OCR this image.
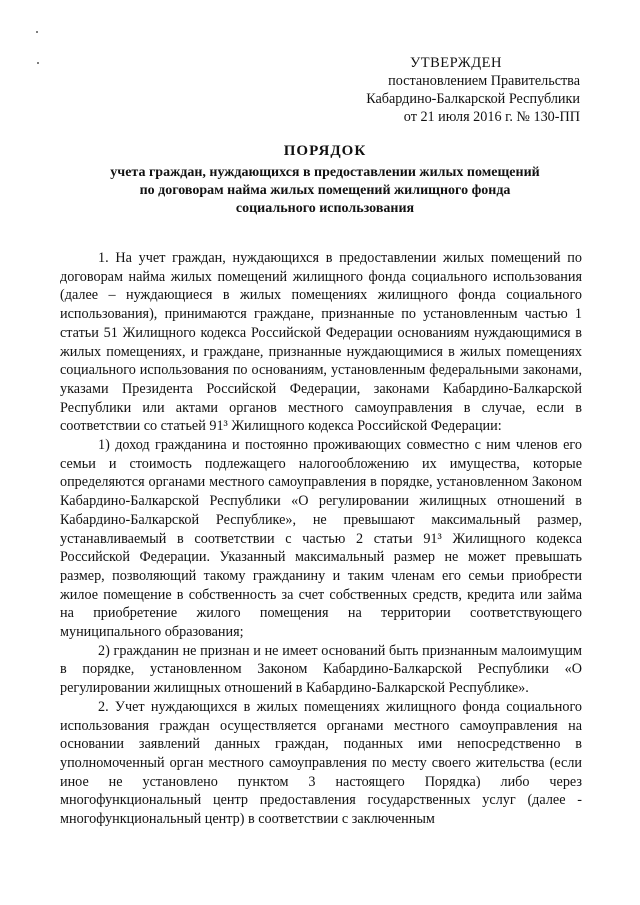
УТВЕРЖДЕН
постановлением Правительства
Кабардино-Балкарской Республики
от 21 июля 2016 г. № 130-ПП
ПОРЯДОК
учета граждан, нуждающихся в предоставлении жилых помещений
по договорам найма жилых помещений жилищного фонда
социального использования

1. На учет граждан, нуждающихся в предоставлении жилых помещений по договорам найма жилых помещений жилищного фонда социального использования (далее – нуждающиеся в жилых помещениях жилищного фонда социального использования), принимаются граждане, признанные по установленным частью 1 статьи 51 Жилищного кодекса Российской Федерации основаниям нуждающимися в жилых помещениях, и граждане, признанные нуждающимися в жилых помещениях социального использования по основаниям, установленным федеральными законами, указами Президента Российской Федерации, законами Кабардино-Балкарской Республики или актами органов местного самоуправления в случае, если в соответствии со статьей 91³ Жилищного кодекса Российской Федерации:

1) доход гражданина и постоянно проживающих совместно с ним членов его семьи и стоимость подлежащего налогообложению их имущества, которые определяются органами местного самоуправления в порядке, установленном Законом Кабардино-Балкарской Республики «О регулировании жилищных отношений в Кабардино-Балкарской Республике», не превышают максимальный размер, устанавливаемый в соответствии с частью 2 статьи 91³ Жилищного кодекса Российской Федерации. Указанный максимальный размер не может превышать размер, позволяющий такому гражданину и таким членам его семьи приобрести жилое помещение в собственность за счет собственных средств, кредита или займа на приобретение жилого помещения на территории соответствующего муниципального образования;

2) гражданин не признан и не имеет оснований быть признанным малоимущим в порядке, установленном Законом Кабардино-Балкарской Республики «О регулировании жилищных отношений в Кабардино-Балкарской Республике».

2. Учет нуждающихся в жилых помещениях жилищного фонда социального использования граждан осуществляется органами местного самоуправления на основании заявлений данных граждан, поданных ими непосредственно в уполномоченный орган местного самоуправления по месту своего жительства (если иное не установлено пунктом 3 настоящего Порядка) либо через многофункциональный центр предоставления государственных услуг (далее - многофункциональный центр) в соответствии с заключенным
